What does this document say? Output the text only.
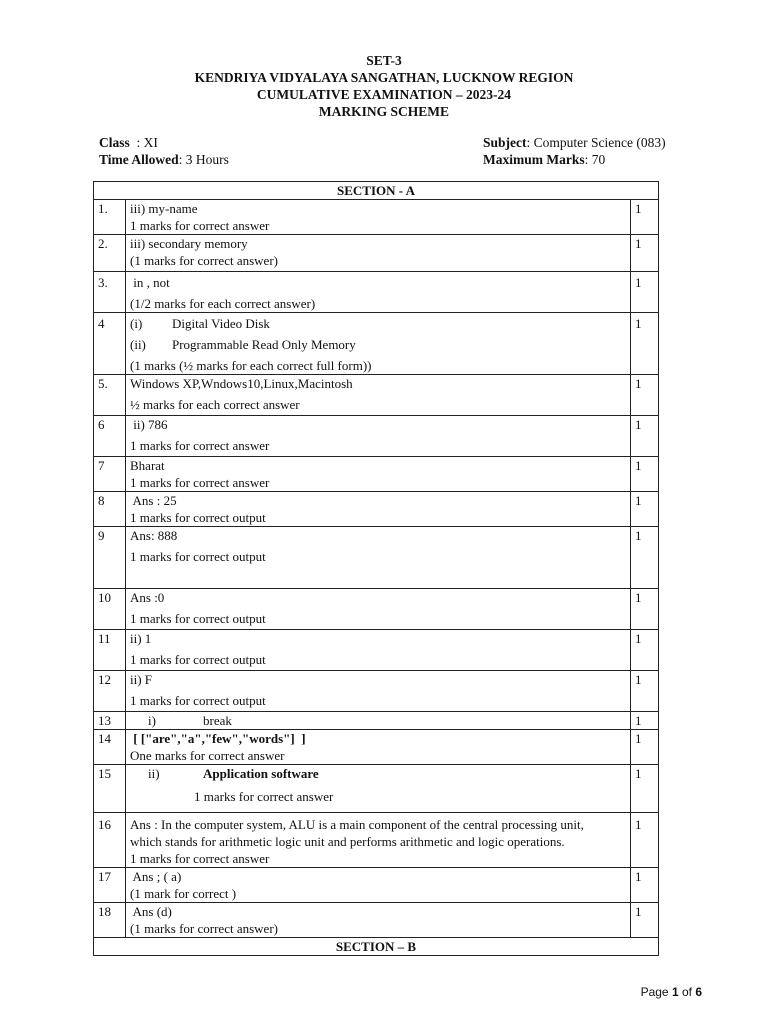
SET-3
KENDRIYA VIDYALAYA SANGATHAN, LUCKNOW REGION
CUMULATIVE EXAMINATION – 2023-24
MARKING SCHEME
Class  : XI
Time Allowed: 3 Hours
Subject: Computer Science (083)
Maximum Marks: 70
SECTION - A		
1.	iii) my-name
1 marks for correct answer	1
2.	iii) secondary memory
(1 marks for correct answer)	1
3.	in , not
(1/2 marks for each correct answer)	1
4	(i) Digital Video Disk
(ii) Programmable Read Only Memory
(1 marks (½ marks for each correct full form))	1
5.	Windows XP,Wndows10,Linux,Macintosh
½ marks for each correct answer	1
6	ii) 786
1 marks for correct answer	1
7	Bharat
1 marks for correct answer	1
8	Ans : 25
1 marks for correct output	1
9	Ans: 888
1 marks for correct output	1
10	Ans :0
1 marks for correct output	1
11	ii) 1
1 marks for correct output	1
12	ii) F
1 marks for correct output	1
13	i) break	1
14	[ ["are","a","few","words"]  ]
One marks for correct answer	1
15	ii) Application software
1 marks for correct answer	1
16	Ans : In the computer system, ALU is a main component of the central processing unit,
which stands for arithmetic logic unit and performs arithmetic and logic operations.
1 marks for correct answer	1
17	Ans ; ( a)
(1 mark for correct )	1
18	Ans (d)
(1 marks for correct answer)	1
SECTION – B		
Page 1 of 6
